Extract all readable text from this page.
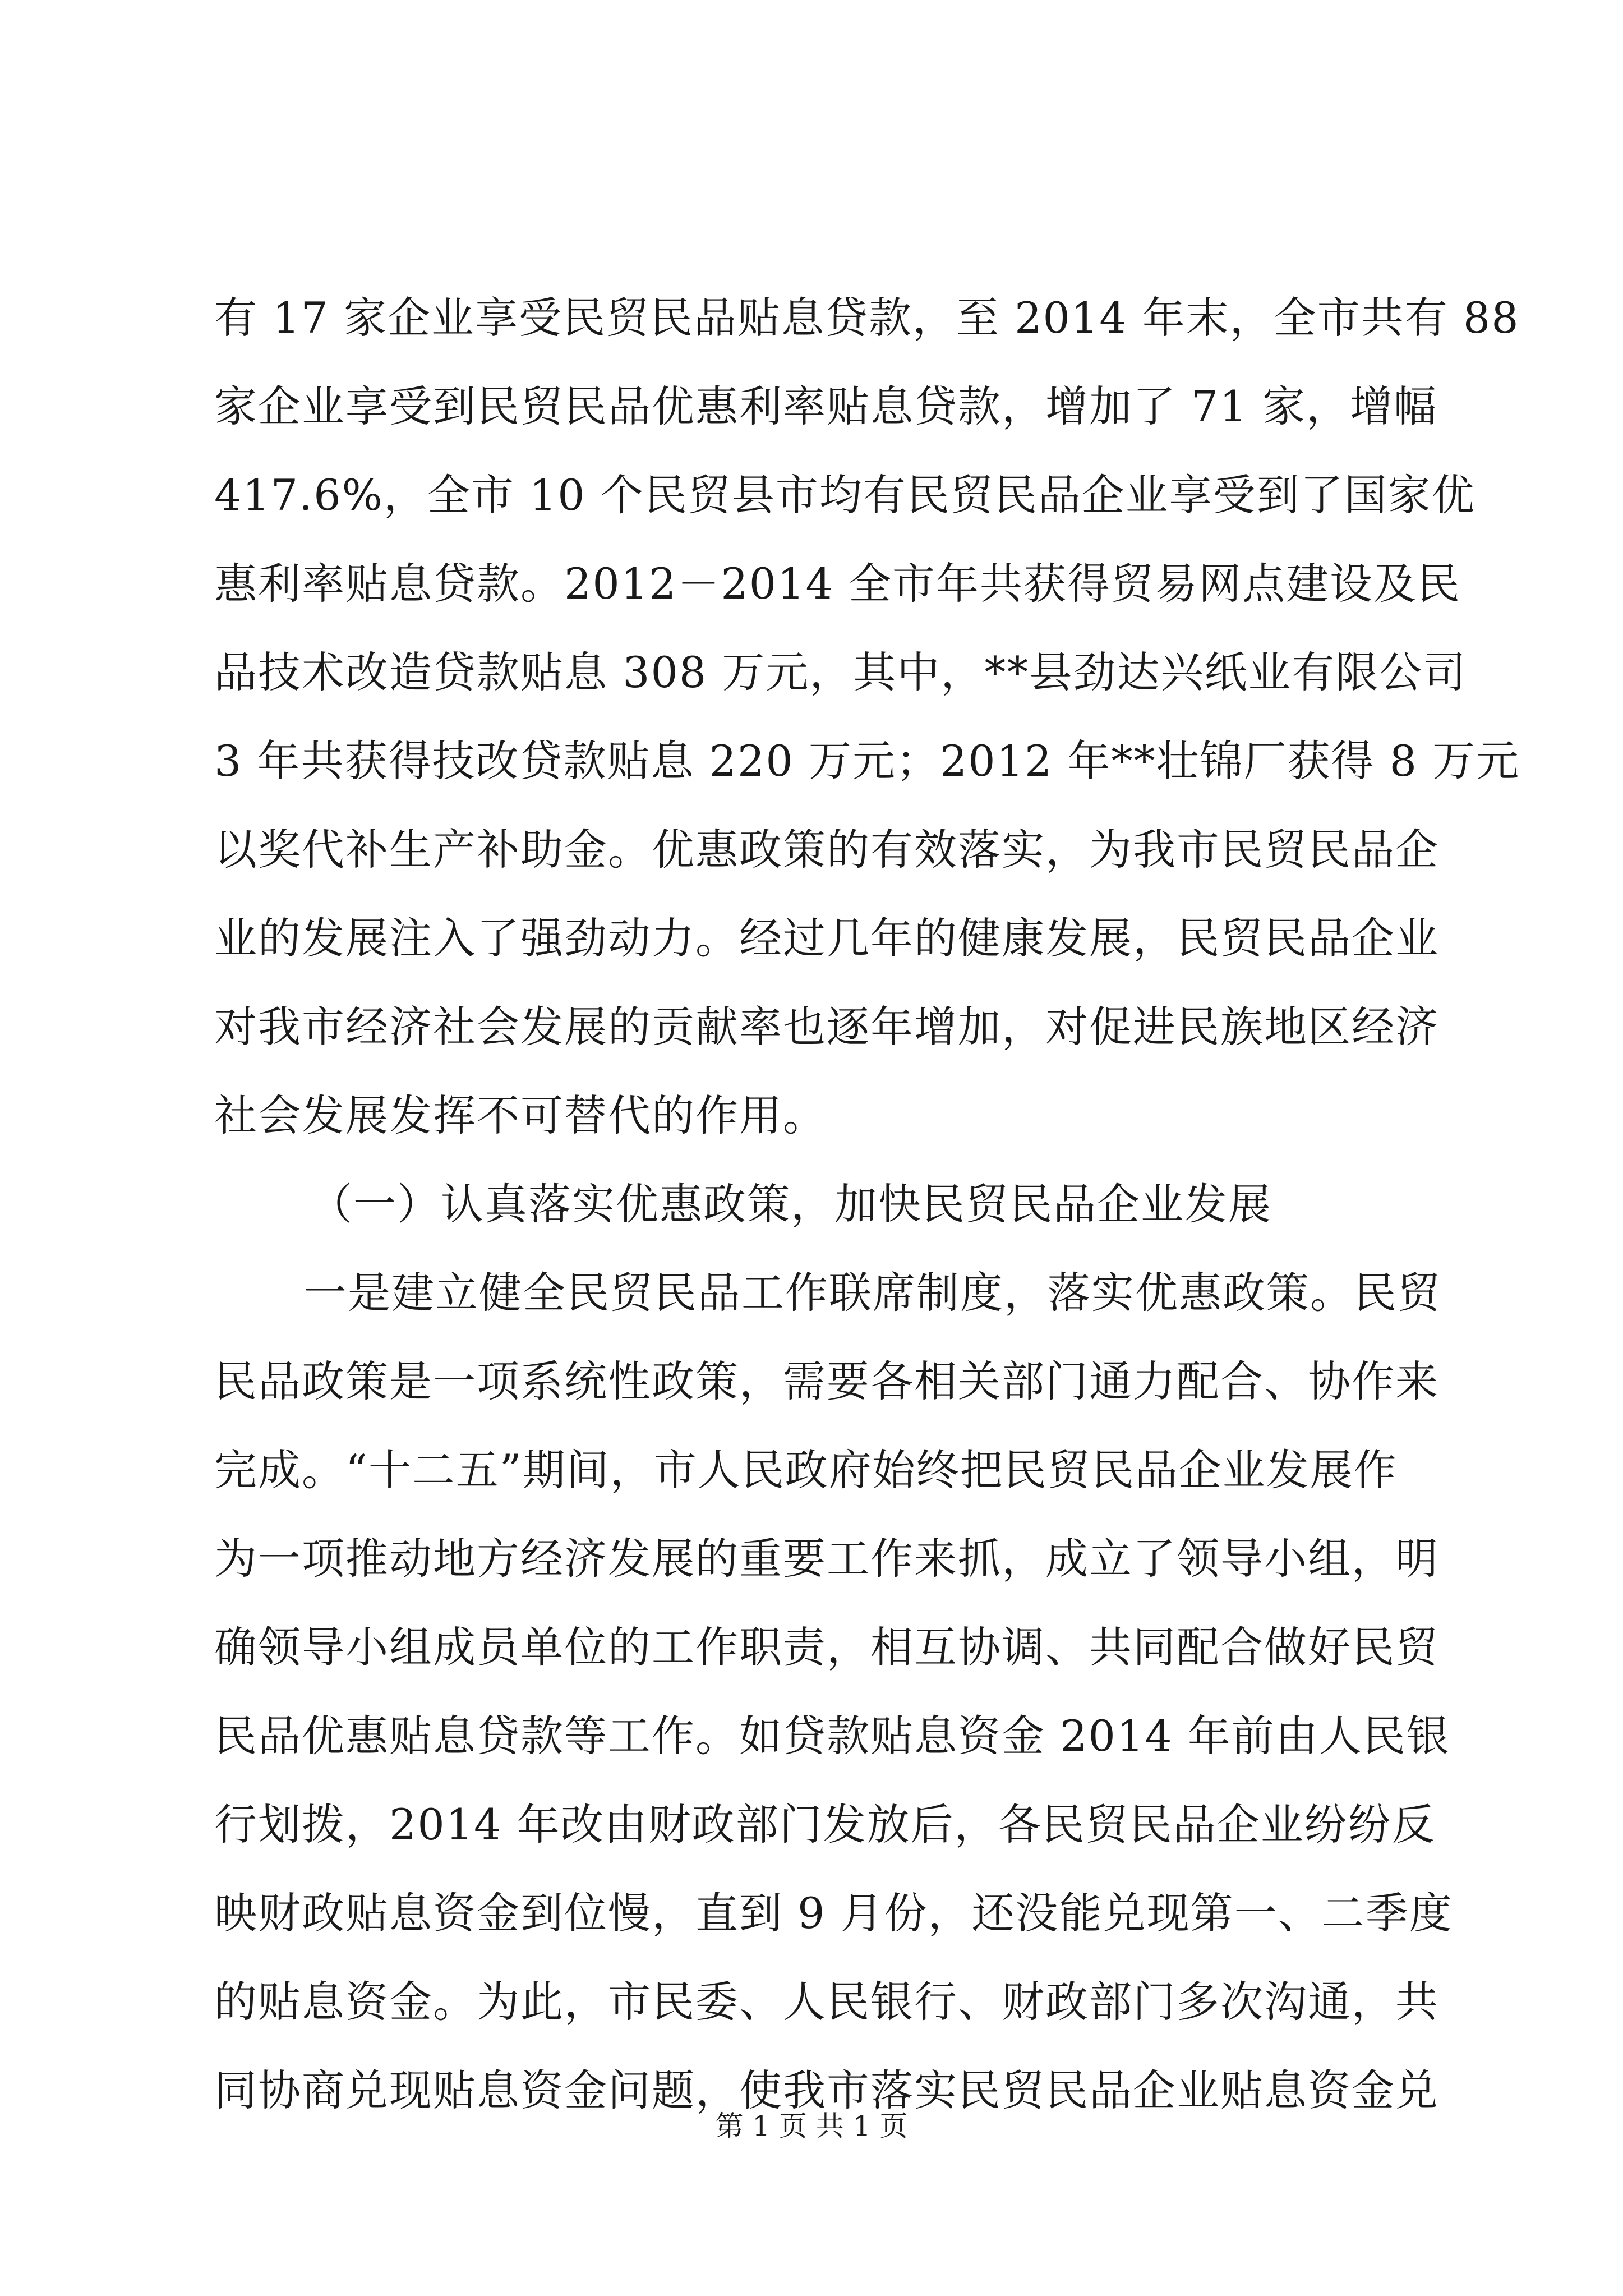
有 17 家企业享受民贸民品贴息贷款，至 2014 年末，全市共有 88
家企业享受到民贸民品优惠利率贴息贷款，增加了 71 家，增幅
417.6%，全市 10 个民贸县市均有民贸民品企业享受到了国家优
惠利率贴息贷款。2012－2014 全市年共获得贸易网点建设及民
品技术改造贷款贴息 308 万元，其中，**县劲达兴纸业有限公司
3 年共获得技改贷款贴息 220 万元；2012 年**壮锦厂获得 8 万元
以奖代补生产补助金。优惠政策的有效落实，为我市民贸民品企
业的发展注入了强劲动力。经过几年的健康发展，民贸民品企业
对我市经济社会发展的贡献率也逐年增加，对促进民族地区经济
社会发展发挥不可替代的作用。
（一）认真落实优惠政策，加快民贸民品企业发展
一是建立健全民贸民品工作联席制度，落实优惠政策。民贸
民品政策是一项系统性政策，需要各相关部门通力配合、协作来
完成。“十二五”期间，市人民政府始终把民贸民品企业发展作
为一项推动地方经济发展的重要工作来抓，成立了领导小组，明
确领导小组成员单位的工作职责，相互协调、共同配合做好民贸
民品优惠贴息贷款等工作。如贷款贴息资金 2014 年前由人民银
行划拨，2014 年改由财政部门发放后，各民贸民品企业纷纷反
映财政贴息资金到位慢，直到 9 月份，还没能兑现第一、二季度
的贴息资金。为此，市民委、人民银行、财政部门多次沟通，共
同协商兑现贴息资金问题，使我市落实民贸民品企业贴息资金兑
第 1 页 共 1 页
